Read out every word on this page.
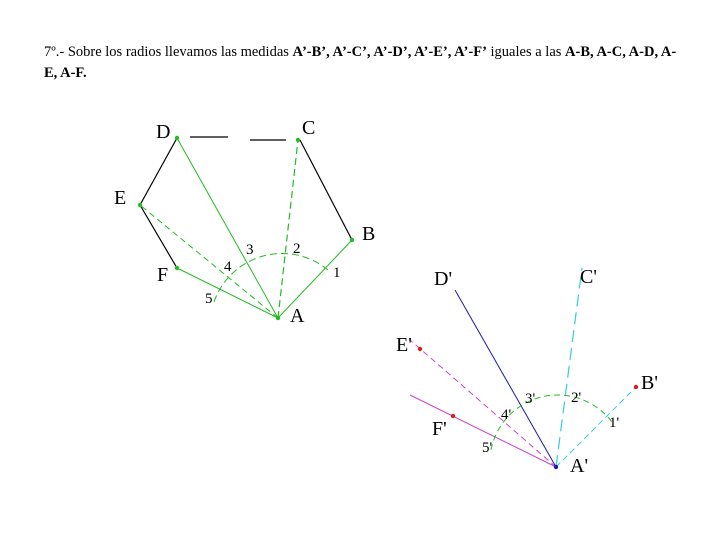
7º.- Sobre los radios llevamos las medidas A’-B’, A’-C’, A’-D’, A’-E’, A’-F’ iguales a las A-B, A-C, A-D, A-E, A-F.
A
B
C
D
E
F	1
2
3
4
5
A'
B'
C'
D'
E'
F'	1'
2'
3'
4'
5'
